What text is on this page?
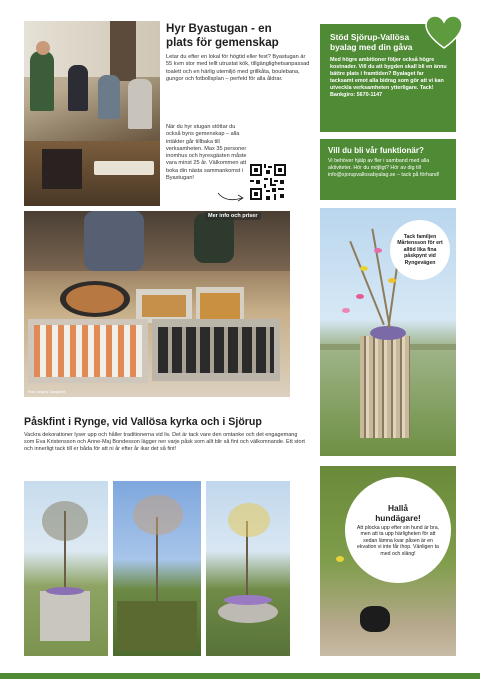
Hyr Byastugan - en
plats för gemenskap
Letar du efter en lokal för högtid eller fest? Byastugan är 55 kvm stor med tellt utrustat kök, tillgänglighetsanpassad toalett och en härlig utemiljö med grillkåta, boulebana, gungor och fotbollsplan – perfekt för alla åldrar.
När du hyr stugan stöttar du också byns gemenskap – alla intäkter går tillbaka till verksamheten. Max 35 personer inomhus och hyresgästen måste vara minst 25 år. Välkommen att boka din nästa sammankomst i Byastugan!
Stöd Sjörup-Vallösa byalag med din gåva
Med högre ambitioner följer också högre kostnader. Vill du att bygden skall bli en ännu bättre plats i framtiden? Byalaget far tacksamt emot alla bidrag som gör att vi kan utveckla verksamheten ytterligare. Tack! Bankgiro: 5670-1147
Vill du bli vår funktionär?
Vi behöver hjälp av fler i samband med alla aktiviteter. Hör du möjligt? Hör av dig till info@sjorupvallosabyalag.se – tack på förhand!
Foto: Angela Sangstedt
Mer info och priser
Tack familjen Mårtensson för ert alltid lika fina påskpynt vid Ryngevägen
Påskfint i Rynge, vid Vallösa kyrka och i Sjörup
Vackra dekorationer lyser upp och håller traditionerna vid liv. Det är tack vare den omtanke och det engagemang som Eva Kristensson och Anne-Maj Bondesson lägger ner varje påsk som allt blir så fint och välkomnande. Ett stort och innerligt tack till er båda för att ni år efter år ikar det så fint!
Hallå hundägare!
Att plocka upp efter sin hund är bra, men att ta upp härligheten för att sedan lämna kvar påsen är en ekvation vi inte får ihop. Vänligen ta med och släng!
